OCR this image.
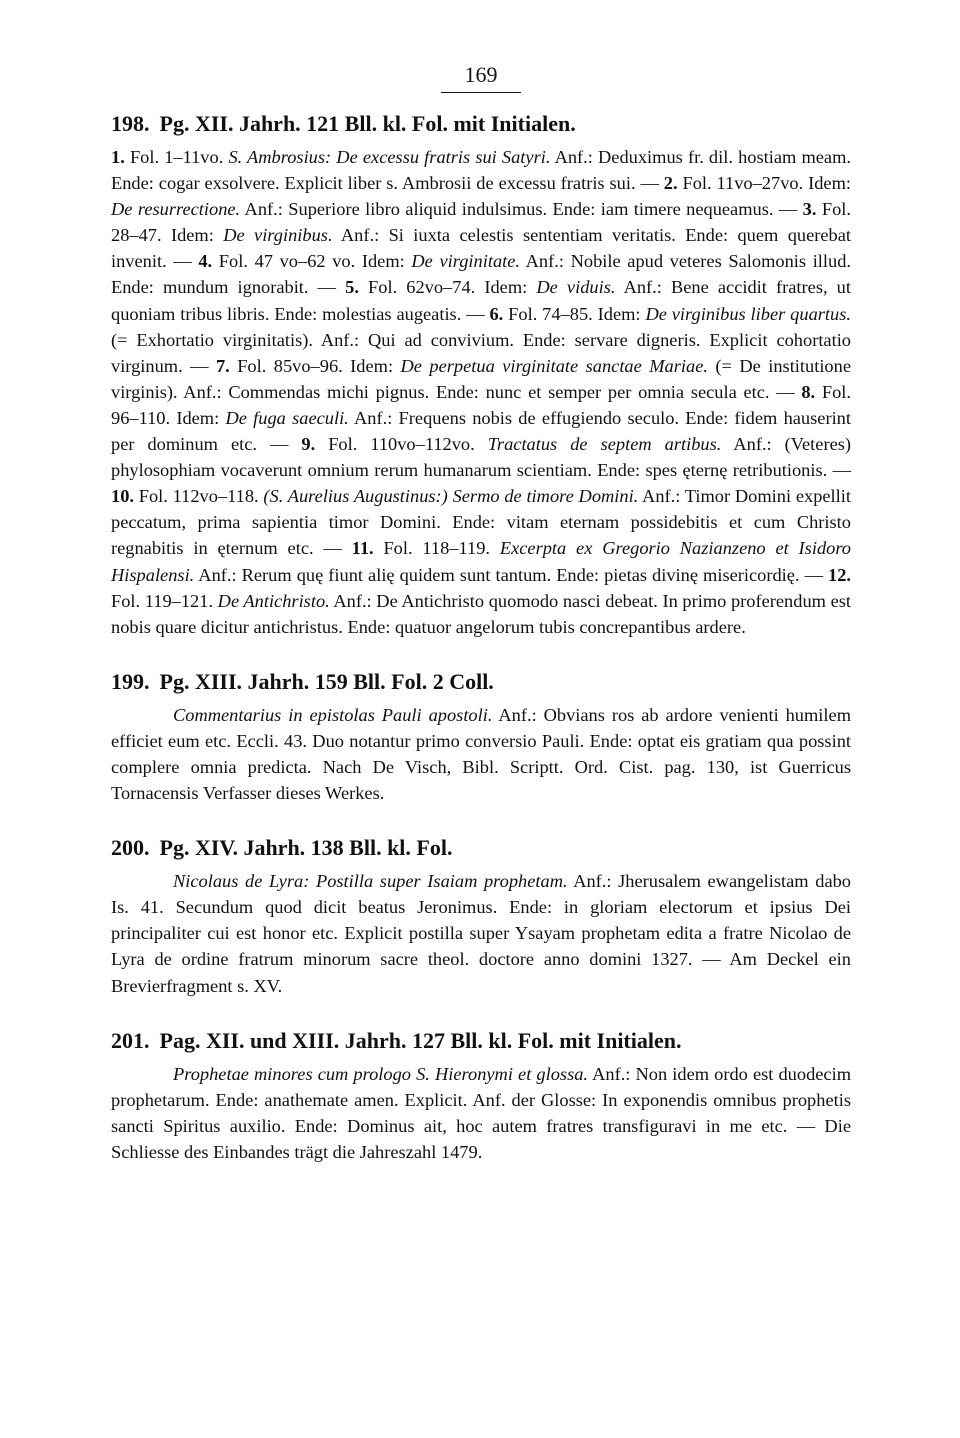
169
198. Pg. XII. Jahrh. 121 Bll. kl. Fol. mit Initialen.

1. Fol. 1–11vo. S. Ambrosius: De excessu fratris sui Satyri. Anf.: Deduximus fr. dil. hostiam meam. Ende: cogar exsolvere. Explicit liber s. Ambrosii de excessu fratris sui. — 2. Fol. 11vo–27vo. Idem: De resurrectione. Anf.: Superiore libro aliquid indulsimus. Ende: iam timere nequeamus. — 3. Fol. 28–47. Idem: De virginibus. Anf.: Si iuxta celestis sententiam veritatis. Ende: quem querebat invenit. — 4. Fol. 47 vo–62 vo. Idem: De virginitate. Anf.: Nobile apud veteres Salomonis illud. Ende: mundum ignorabit. — 5. Fol. 62vo–74. Idem: De viduis. Anf.: Bene accidit fratres, ut quoniam tribus libris. Ende: molestias augeatis. — 6. Fol. 74–85. Idem: De virginibus liber quartus. (= Exhortatio virginitatis). Anf.: Qui ad convivium. Ende: servare digneris. Explicit cohortatio virginum. — 7. Fol. 85vo–96. Idem: De perpetua virginitate sanctae Mariae. (= De institutione virginis). Anf.: Commendas michi pignus. Ende: nunc et semper per omnia secula etc. — 8. Fol. 96–110. Idem: De fuga saeculi. Anf.: Frequens nobis de effugiendo seculo. Ende: fidem hauserint per dominum etc. — 9. Fol. 110vo–112vo. Tractatus de septem artibus. Anf.: (Veteres) phylosophiam vocaverunt omnium rerum humanarum scientiam. Ende: spes ęternę retributionis. — 10. Fol. 112vo–118. (S. Aurelius Augustinus:) Sermo de timore Domini. Anf.: Timor Domini expellit peccatum, prima sapientia timor Domini. Ende: vitam eternam possidebitis et cum Christo regnabitis in ęternum etc. — 11. Fol. 118–119. Excerpta ex Gregorio Nazianzeno et Isidoro Hispalensi. Anf.: Rerum quę fiunt alię quidem sunt tantum. Ende: pietas divinę misericordię. — 12. Fol. 119–121. De Antichristo. Anf.: De Antichristo quomodo nasci debeat. In primo proferendum est nobis quare dicitur antichristus. Ende: quatuor angelorum tubis concrepantibus ardere.

199. Pg. XIII. Jahrh. 159 Bll. Fol. 2 Coll.

Commentarius in epistolas Pauli apostoli. Anf.: Obvians ros ab ardore venienti humilem efficiet eum etc. Eccli. 43. Duo notantur primo conversio Pauli. Ende: optat eis gratiam qua possint complere omnia predicta. Nach De Visch, Bibl. Scriptt. Ord. Cist. pag. 130, ist Guerricus Tornacensis Verfasser dieses Werkes.

200. Pg. XIV. Jahrh. 138 Bll. kl. Fol.

Nicolaus de Lyra: Postilla super Isaiam prophetam. Anf.: Jherusalem ewangelistam dabo Is. 41. Secundum quod dicit beatus Jeronimus. Ende: in gloriam electorum et ipsius Dei principaliter cui est honor etc. Explicit postilla super Ysayam prophetam edita a fratre Nicolao de Lyra de ordine fratrum minorum sacre theol. doctore anno domini 1327. — Am Deckel ein Brevierfragment s. XV.

201. Pag. XII. und XIII. Jahrh. 127 Bll. kl. Fol. mit Initialen.

Prophetae minores cum prologo S. Hieronymi et glossa. Anf.: Non idem ordo est duodecim prophetarum. Ende: anathemate amen. Explicit. Anf. der Glosse: In exponendis omnibus prophetis sancti Spiritus auxilio. Ende: Dominus ait, hoc autem fratres transfiguravi in me etc. — Die Schliesse des Einbandes trägt die Jahreszahl 1479.
